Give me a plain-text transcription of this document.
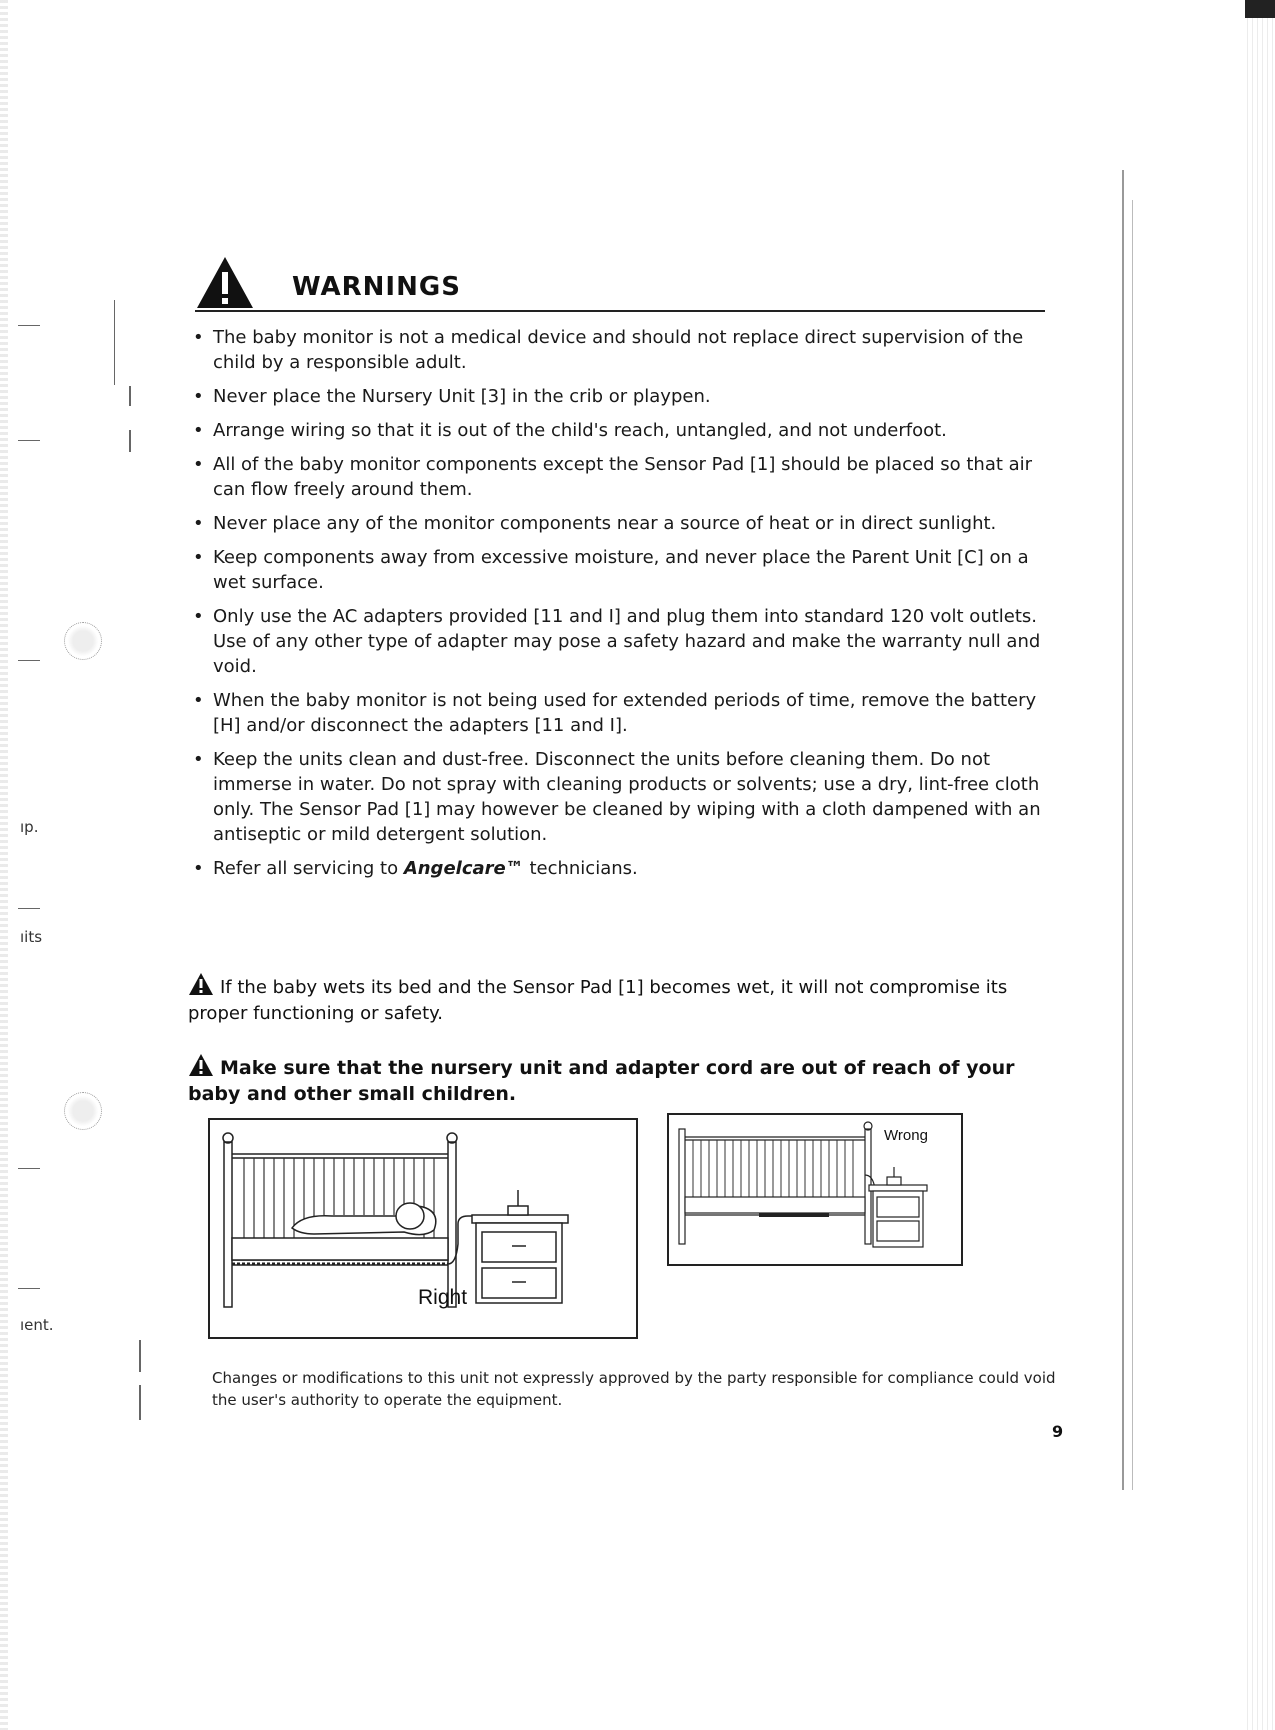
ıp.
ıits
ıent.
WARNINGS
• The baby monitor is not a medical device and should not replace direct supervision of the child by a responsible adult.
• Never place the Nursery Unit [3] in the crib or playpen.
• Arrange wiring so that it is out of the child's reach, untangled, and not underfoot.
• All of the baby monitor components except the Sensor Pad [1] should be placed so that air can flow freely around them.
• Never place any of the monitor components near a source of heat or in direct sunlight.
• Keep components away from excessive moisture, and never place the Parent Unit [C] on a wet surface.
• Only use the AC adapters provided [11 and I] and plug them into standard 120 volt outlets. Use of any other type of adapter may pose a safety hazard and make the warranty null and void.
• When the baby monitor is not being used for extended periods of time, remove the battery [H] and/or disconnect the adapters [11 and I].
• Keep the units clean and dust-free. Disconnect the units before cleaning them. Do not immerse in water. Do not spray with cleaning products or solvents; use a dry, lint-free cloth only. The Sensor Pad [1] may however be cleaned by wiping with a cloth dampened with an antiseptic or mild detergent solution.
• Refer all servicing to Angelcare™ technicians.
If the baby wets its bed and the Sensor Pad [1] becomes wet, it will not compromise its proper functioning or safety.
Make sure that the nursery unit and adapter cord are out of reach of your baby and other small children.
Right
Wrong
Changes or modifications to this unit not expressly approved by the party responsible for compliance could void the user's authority to operate the equipment.
9
